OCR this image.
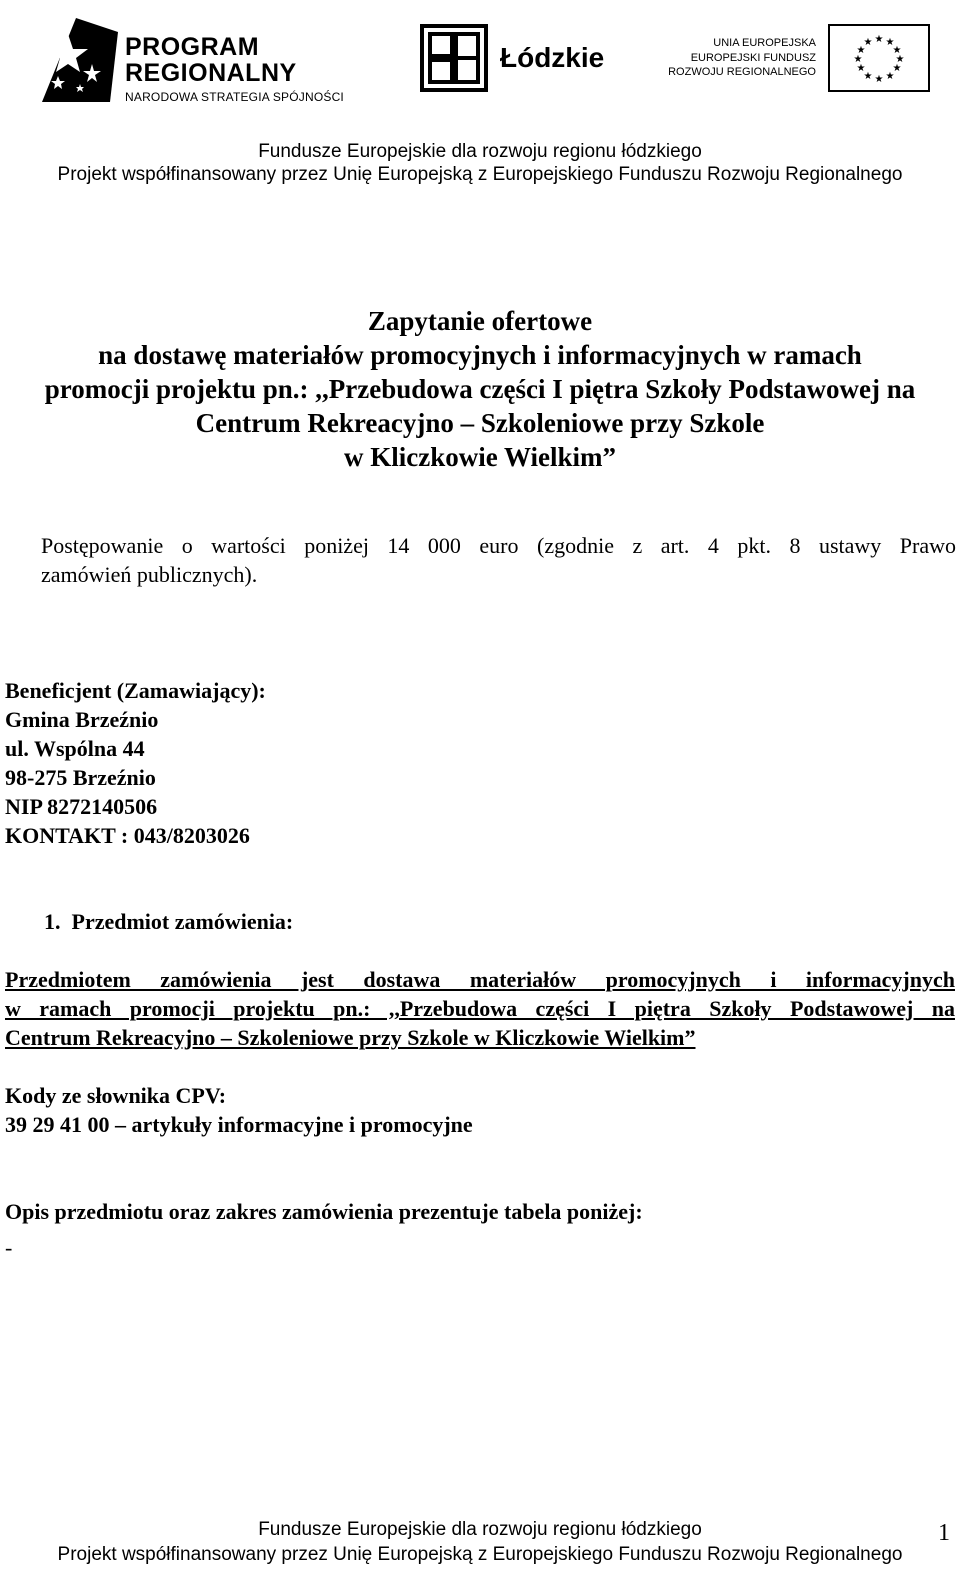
PROGRAM
REGIONALNY
NARODOWA STRATEGIA SPÓJNOŚCI
Łódzkie	UNIA EUROPEJSKA
EUROPEJSKI FUNDUSZ
ROZWOJU REGIONALNEGO
★ ★
★
★
★
★
★
★
★
★
★
★
Fundusze Europejskie dla rozwoju regionu łódzkiego
Projekt współfinansowany przez Unię Europejską z Europejskiego Funduszu Rozwoju Regionalnego
Zapytanie ofertowe
na dostawę materiałów promocyjnych i informacyjnych w ramach
promocji projektu pn.: ,,Przebudowa części I piętra Szkoły Podstawowej na
Centrum Rekreacyjno – Szkoleniowe przy Szkole
w Kliczkowie Wielkim”
Postępowanie o wartości poniżej 14 000 euro (zgodnie z art. 4 pkt. 8 ustawy Prawo
zamówień publicznych).
Beneficjent (Zamawiający):
Gmina Brzeźnio
ul. Wspólna 44
98-275 Brzeźnio
NIP 8272140506
KONTAKT : 043/8203026
1.  Przedmiot zamówienia:
Przedmiotem zamówienia jest dostawa materiałów promocyjnych i informacyjnych
w ramach promocji projektu pn.: ,,Przebudowa części I piętra Szkoły Podstawowej na
Centrum Rekreacyjno – Szkoleniowe przy Szkole w Kliczkowie Wielkim”
Kody ze słownika CPV:
39 29 41 00 – artykuły informacyjne i promocyjne
Opis przedmiotu oraz zakres zamówienia prezentuje tabela poniżej:
-
Fundusze Europejskie dla rozwoju regionu łódzkiego
Projekt współfinansowany przez Unię Europejską z Europejskiego Funduszu Rozwoju Regionalnego
1
